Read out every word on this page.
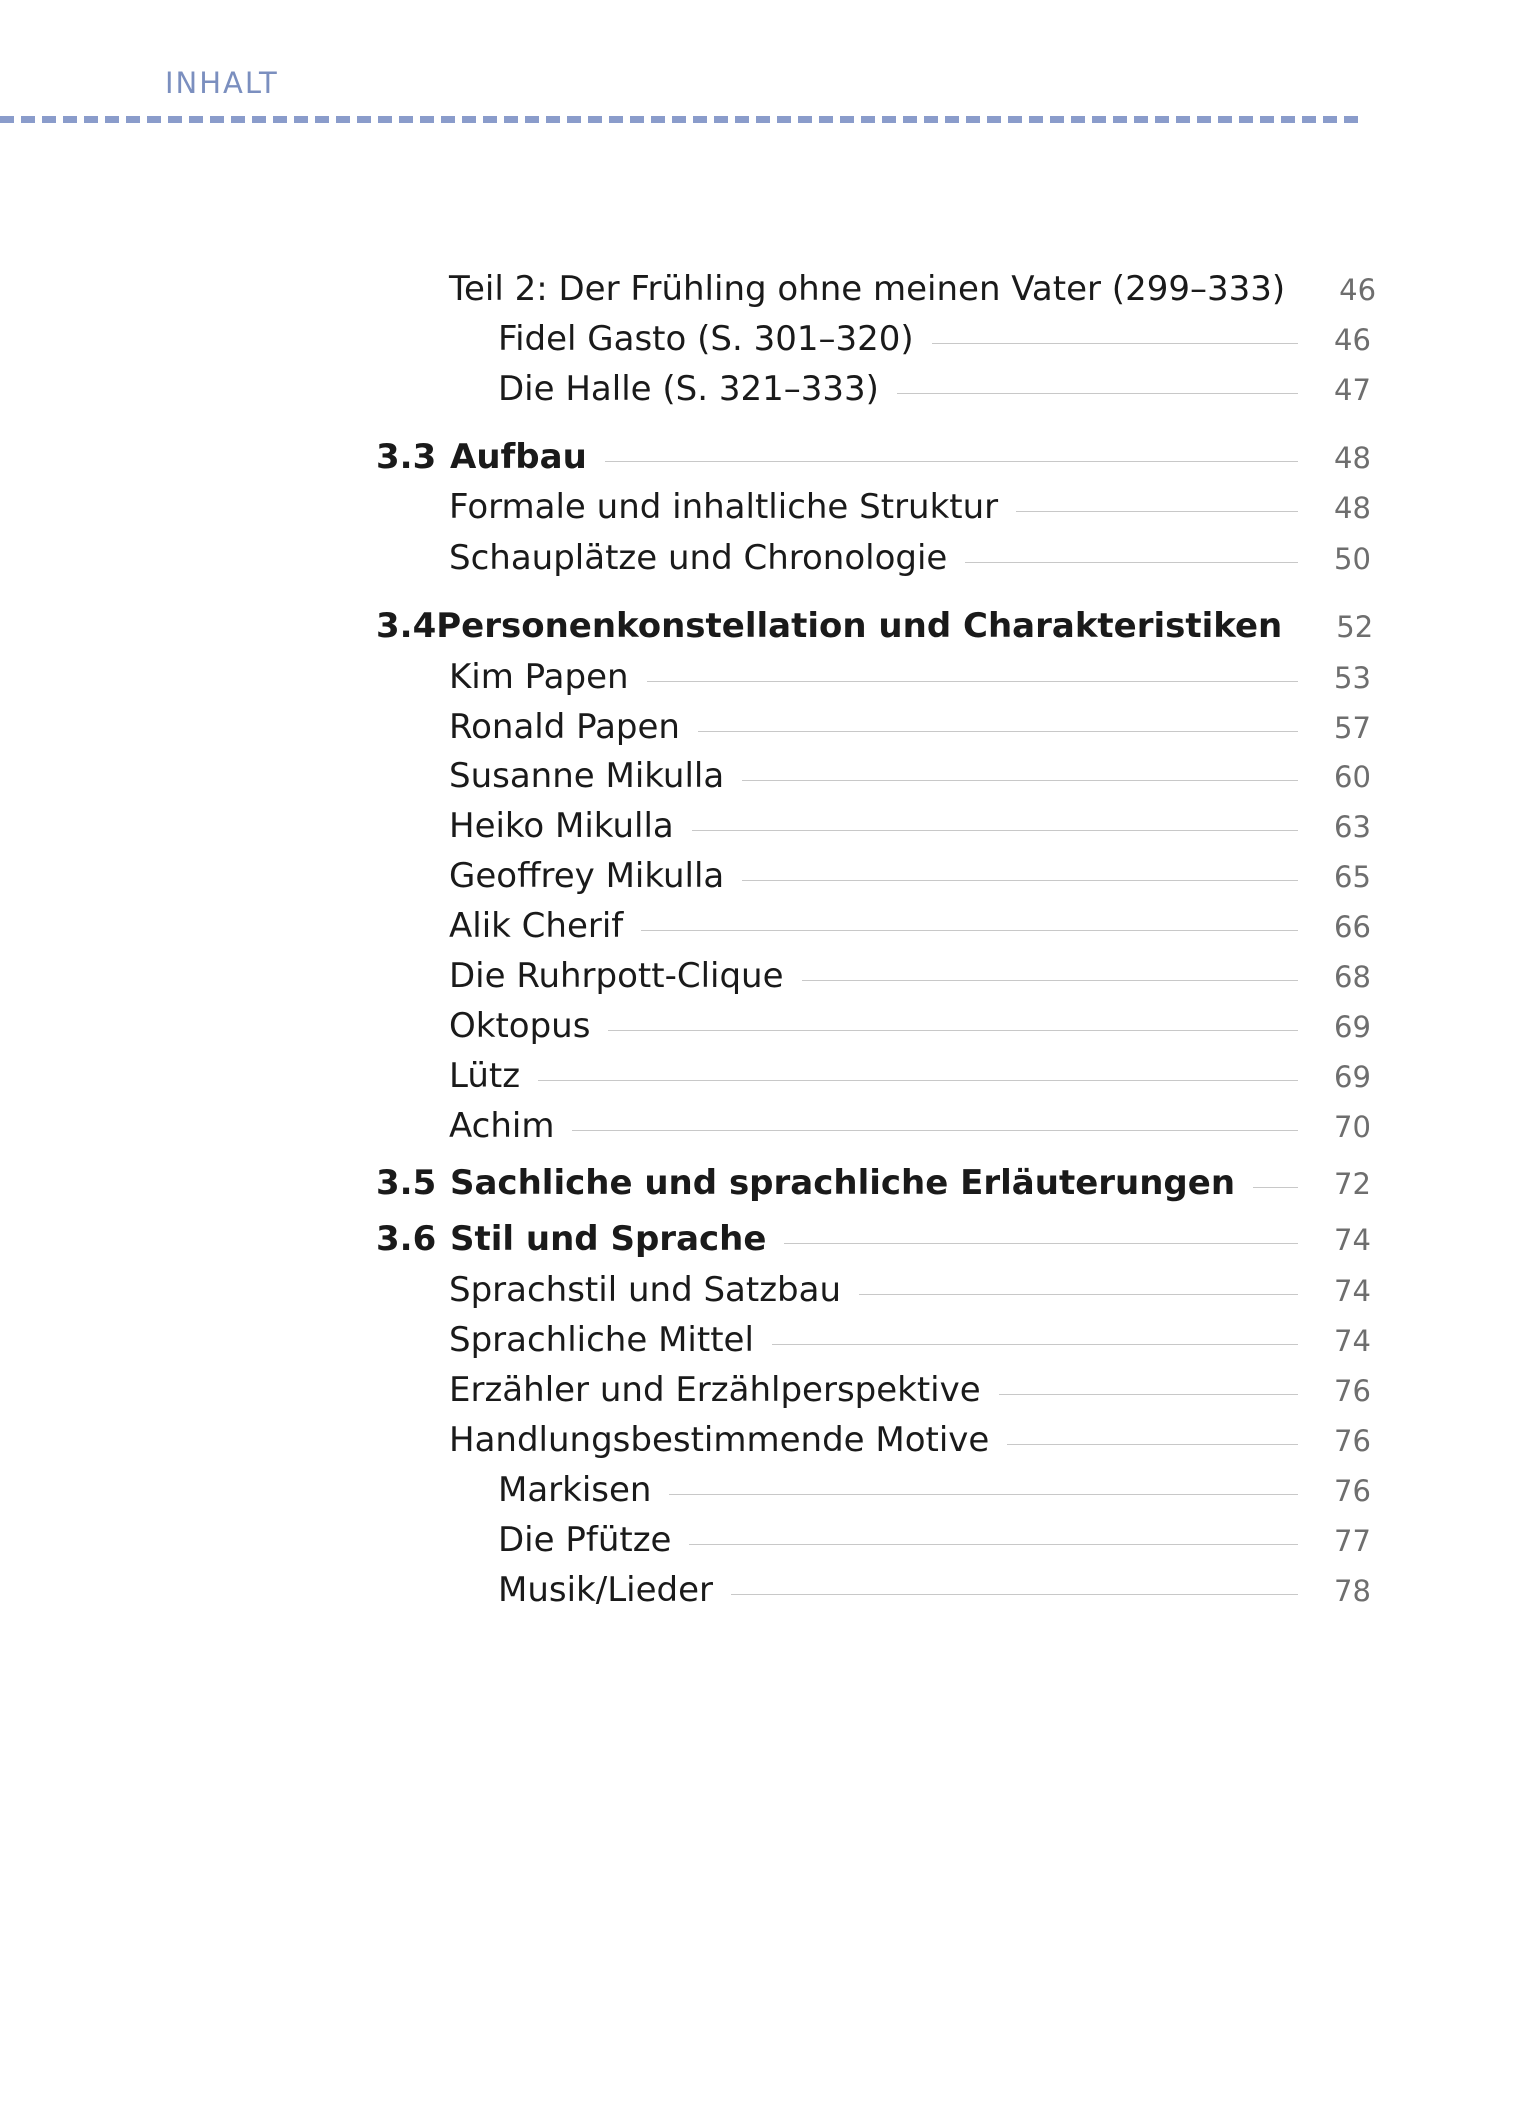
INHALT
Teil 2: Der Frühling ohne meinen Vater (299–333) 46
Fidel Gasto (S. 301–320)	46
Die Halle (S. 321–333)	47
3.3 Aufbau	48
Formale und inhaltliche Struktur	48
Schauplätze und Chronologie	50
3.4 Personenkonstellation und Charakteristiken 52
Kim Papen	53
Ronald Papen	57
Susanne Mikulla	60
Heiko Mikulla	63
Geoffrey Mikulla	65
Alik Cherif	66
Die Ruhrpott-Clique	68
Oktopus	69
Lütz	69
Achim	70
3.5 Sachliche und sprachliche Erläuterungen	72
3.6 Stil und Sprache	74
Sprachstil und Satzbau	74
Sprachliche Mittel	74
Erzähler und Erzählperspektive	76
Handlungsbestimmende Motive	76
Markisen	76
Die Pfütze	77
Musik/Lieder	78
